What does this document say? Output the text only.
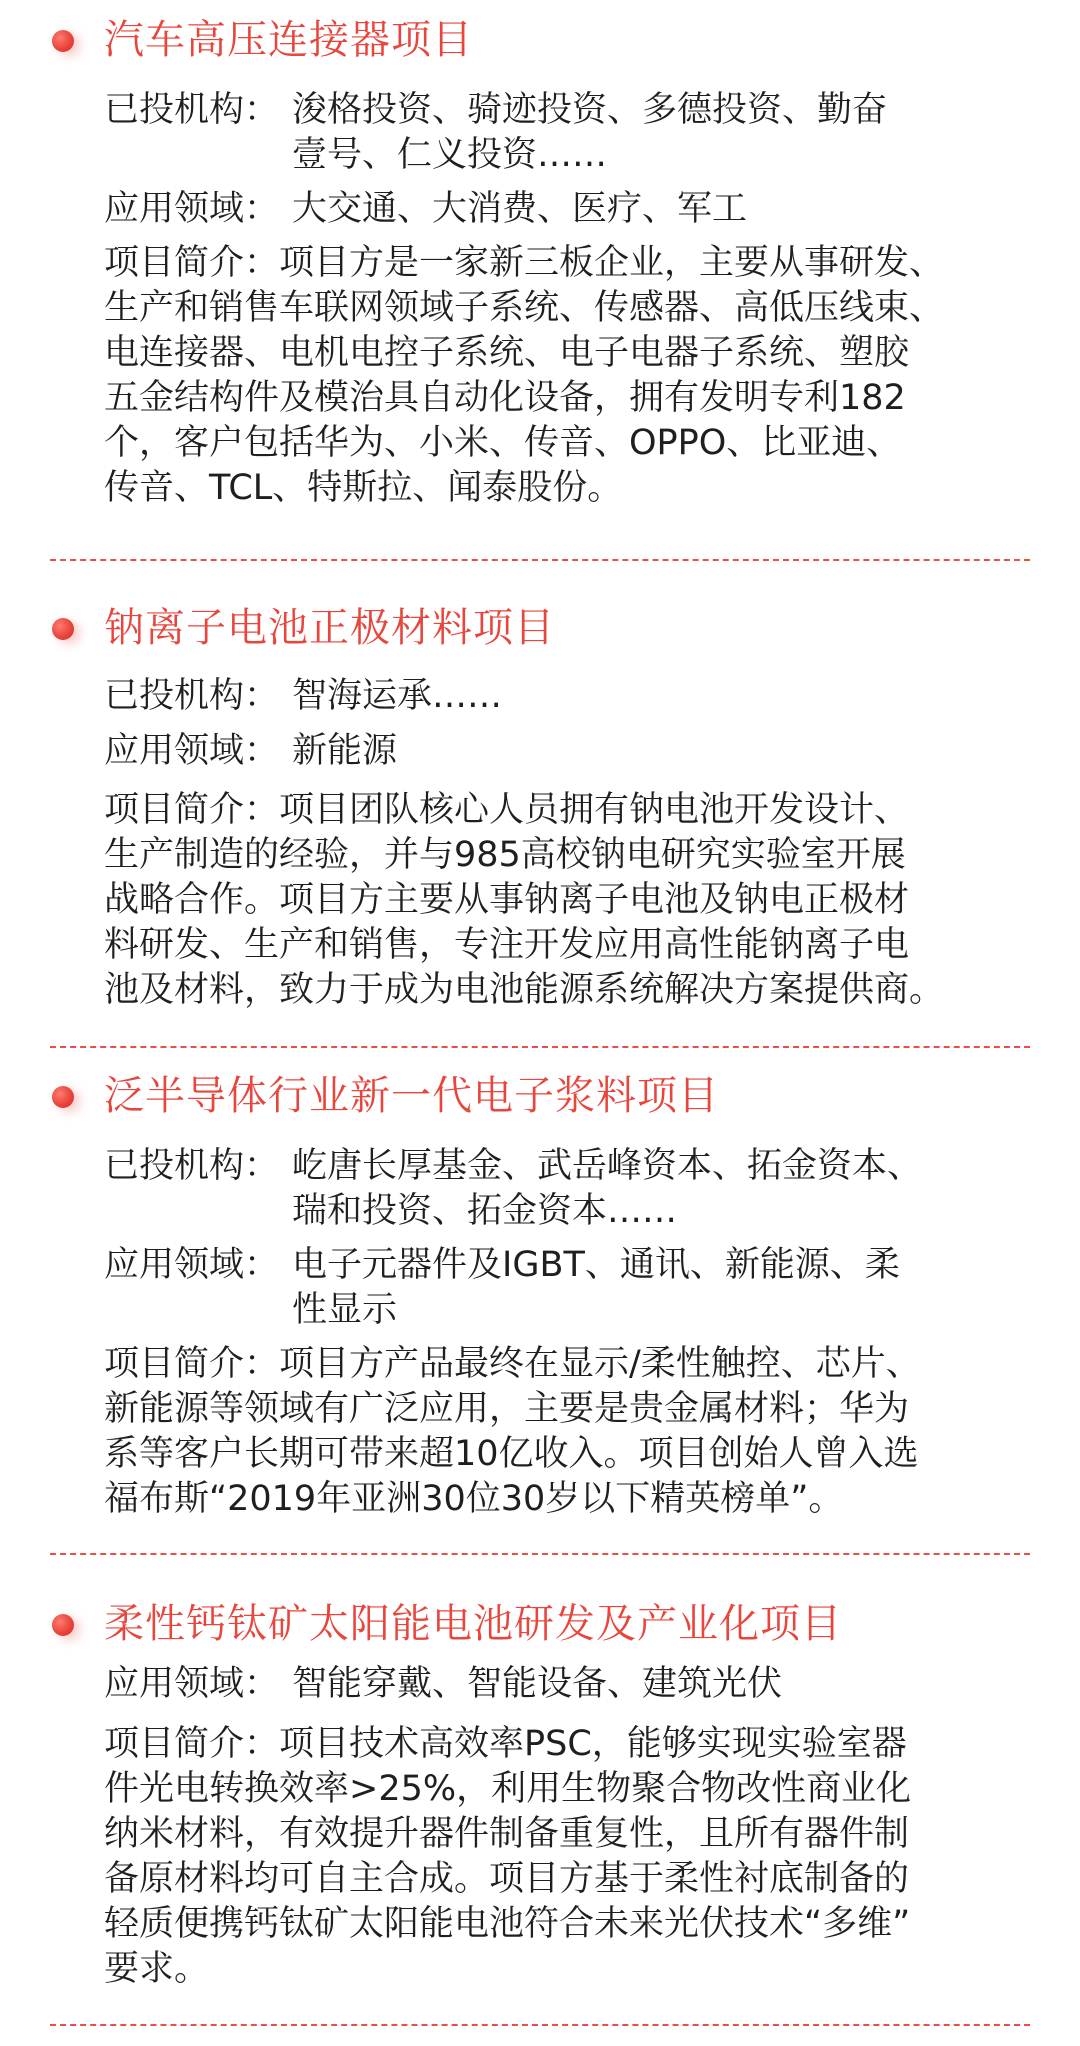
汽车高压连接器项目
已投机构： 浚格投资、骑迹投资、多德投资、勤奋
壹号、仁义投资……
应用领域： 大交通、大消费、医疗、军工
项目简介：项目方是一家新三板企业，主要从事研发、
生产和销售车联网领域子系统、传感器、高低压线束、
电连接器、电机电控子系统、电子电器子系统、塑胶
五金结构件及模治具自动化设备，拥有发明专利182
个，客户包括华为、小米、传音、OPPO、比亚迪、
传音、TCL、特斯拉、闻泰股份。
钠离子电池正极材料项目
已投机构： 智海运承……
应用领域： 新能源
项目简介：项目团队核心人员拥有钠电池开发设计、
生产制造的经验，并与985高校钠电研究实验室开展
战略合作。项目方主要从事钠离子电池及钠电正极材
料研发、生产和销售，专注开发应用高性能钠离子电
池及材料，致力于成为电池能源系统解决方案提供商。
泛半导体行业新一代电子浆料项目
已投机构： 屹唐长厚基金、武岳峰资本、拓金资本、
瑞和投资、拓金资本……
应用领域： 电子元器件及IGBT、通讯、新能源、柔
性显示
项目简介：项目方产品最终在显示/柔性触控、芯片、
新能源等领域有广泛应用，主要是贵金属材料；华为
系等客户长期可带来超10亿收入。项目创始人曾入选
福布斯“2019年亚洲30位30岁以下精英榜单”。
柔性钙钛矿太阳能电池研发及产业化项目
应用领域： 智能穿戴、智能设备、建筑光伏
项目简介：项目技术高效率PSC，能够实现实验室器
件光电转换效率>25%，利用生物聚合物改性商业化
纳米材料，有效提升器件制备重复性，且所有器件制
备原材料均可自主合成。项目方基于柔性衬底制备的
轻质便携钙钛矿太阳能电池符合未来光伏技术“多维”
要求。
